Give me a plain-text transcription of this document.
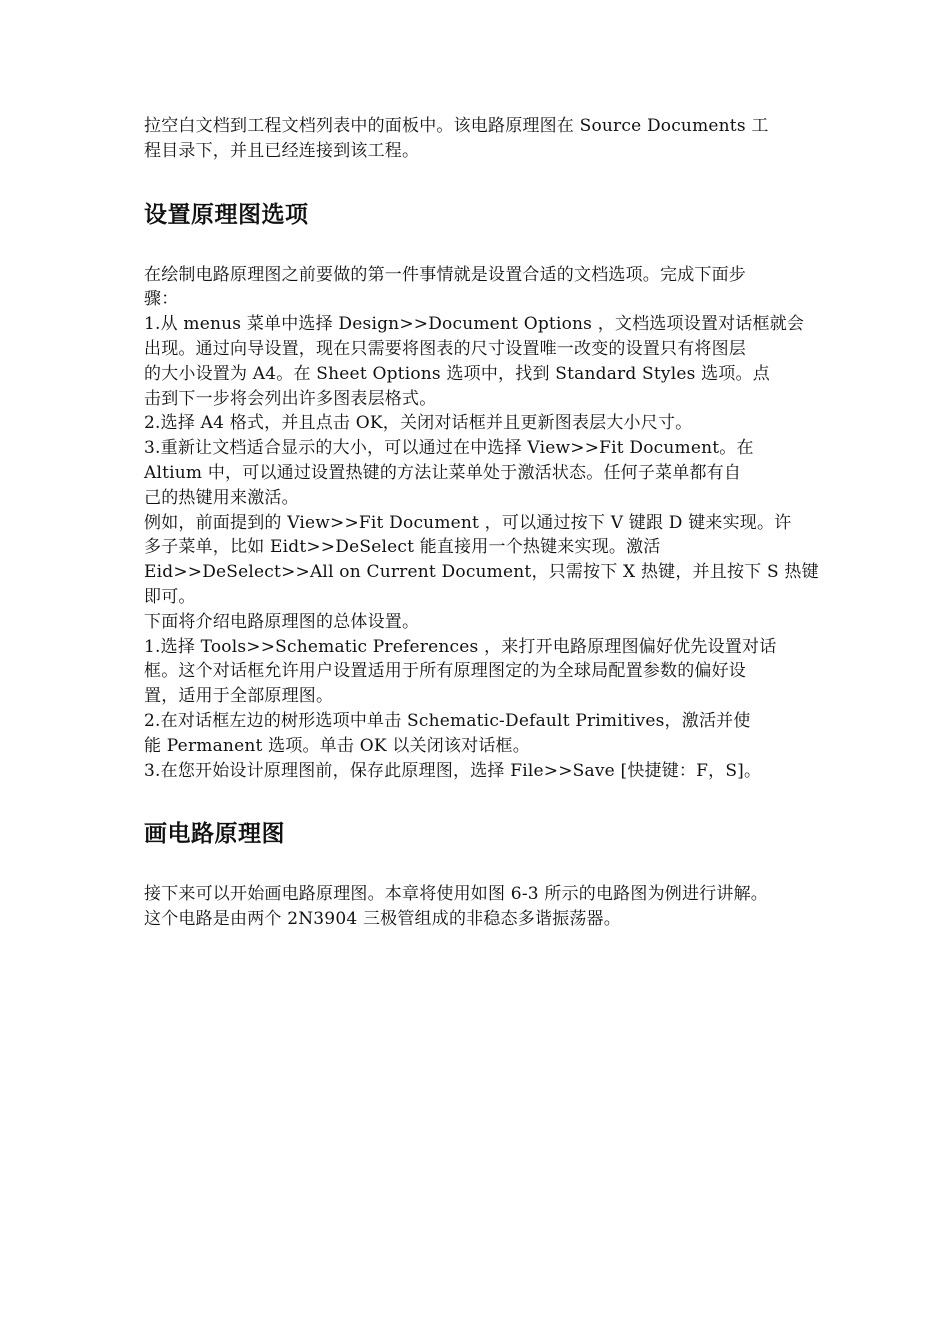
拉空白文档到工程文档列表中的面板中。该电路原理图在 Source Documents 工
程目录下，并且已经连接到该工程。

设置原理图选项

在绘制电路原理图之前要做的第一件事情就是设置合适的文档选项。完成下面步
骤：
1.从 menus 菜单中选择 Design>>Document Options ，文档选项设置对话框就会
出现。通过向导设置，现在只需要将图表的尺寸设置唯一改变的设置只有将图层
的大小设置为 A4。在 Sheet Options 选项中，找到 Standard Styles 选项。点
击到下一步将会列出许多图表层格式。
2.选择 A4 格式，并且点击 OK，关闭对话框并且更新图表层大小尺寸。
3.重新让文档适合显示的大小，可以通过在中选择 View>>Fit Document。在
Altium 中，可以通过设置热键的方法让菜单处于激活状态。任何子菜单都有自
己的热键用来激活。
例如，前面提到的 View>>Fit Document ，可以通过按下 V 键跟 D 键来实现。许
多子菜单，比如 Eidt>>DeSelect 能直接用一个热键来实现。激活
Eid>>DeSelect>>All on Current Document，只需按下 X 热键，并且按下 S 热键
即可。
下面将介绍电路原理图的总体设置。
1.选择 Tools>>Schematic Preferences ，来打开电路原理图偏好优先设置对话
框。这个对话框允许用户设置适用于所有原理图定的为全球局配置参数的偏好设
置，适用于全部原理图。
2.在对话框左边的树形选项中单击 Schematic-Default Primitives，激活并使
能 Permanent 选项。单击 OK 以关闭该对话框。
3.在您开始设计原理图前，保存此原理图，选择 File>>Save [快捷键：F，S]。

画电路原理图

接下来可以开始画电路原理图。本章将使用如图 6-3 所示的电路图为例进行讲解。
这个电路是由两个 2N3904 三极管组成的非稳态多谐振荡器。
